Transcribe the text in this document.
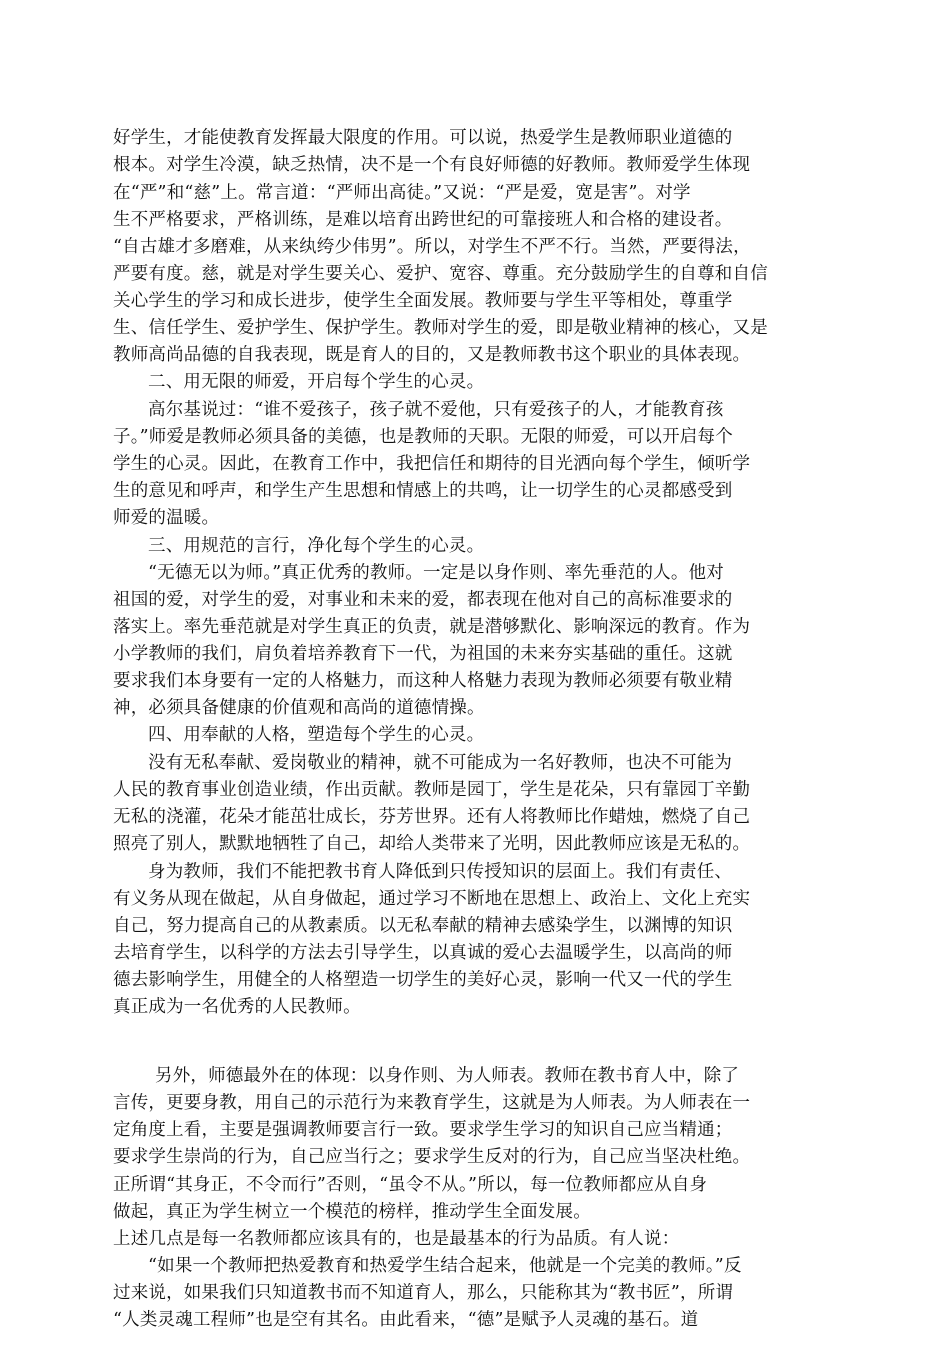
好学生，才能使教育发挥最大限度的作用。可以说，热爱学生是教师职业道德的
根本。对学生冷漠，缺乏热情，决不是一个有良好师德的好教师。教师爱学生体现
在“严”和“慈”上。常言道：“严师出高徒。”又说：“严是爱，宽是害”。对学
生不严格要求，严格训练，是难以培育出跨世纪的可靠接班人和合格的建设者。
“自古雄才多磨难，从来纨绔少伟男”。所以，对学生不严不行。当然，严要得法，
严要有度。慈，就是对学生要关心、爱护、宽容、尊重。充分鼓励学生的自尊和自信
关心学生的学习和成长进步，使学生全面发展。教师要与学生平等相处，尊重学
生、信任学生、爱护学生、保护学生。教师对学生的爱，即是敬业精神的核心，又是
教师高尚品德的自我表现，既是育人的目的，又是教师教书这个职业的具体表现。
二、用无限的师爱，开启每个学生的心灵。
高尔基说过：“谁不爱孩子，孩子就不爱他，只有爱孩子的人，才能教育孩
子。”师爱是教师必须具备的美德，也是教师的天职。无限的师爱，可以开启每个
学生的心灵。因此，在教育工作中，我把信任和期待的目光洒向每个学生，倾听学
生的意见和呼声，和学生产生思想和情感上的共鸣，让一切学生的心灵都感受到
师爱的温暖。
三、用规范的言行，净化每个学生的心灵。
“无德无以为师。”真正优秀的教师。一定是以身作则、率先垂范的人。他对
祖国的爱，对学生的爱，对事业和未来的爱，都表现在他对自己的高标准要求的
落实上。率先垂范就是对学生真正的负责，就是潜够默化、影响深远的教育。作为
小学教师的我们，肩负着培养教育下一代，为祖国的未来夯实基础的重任。这就
要求我们本身要有一定的人格魅力，而这种人格魅力表现为教师必须要有敬业精
神，必须具备健康的价值观和高尚的道德情操。
四、用奉献的人格，塑造每个学生的心灵。
没有无私奉献、爱岗敬业的精神，就不可能成为一名好教师，也决不可能为
人民的教育事业创造业绩，作出贡献。教师是园丁，学生是花朵，只有靠园丁辛勤
无私的浇灌，花朵才能茁壮成长，芬芳世界。还有人将教师比作蜡烛，燃烧了自己
照亮了别人，默默地牺牲了自己，却给人类带来了光明，因此教师应该是无私的。
身为教师，我们不能把教书育人降低到只传授知识的层面上。我们有责任、
有义务从现在做起，从自身做起，通过学习不断地在思想上、政治上、文化上充实
自己，努力提高自己的从教素质。以无私奉献的精神去感染学生，以渊博的知识
去培育学生，以科学的方法去引导学生，以真诚的爱心去温暖学生，以高尚的师
德去影响学生，用健全的人格塑造一切学生的美好心灵，影响一代又一代的学生
真正成为一名优秀的人民教师。
另外，师德最外在的体现：以身作则、为人师表。教师在教书育人中，除了
言传，更要身教，用自己的示范行为来教育学生，这就是为人师表。为人师表在一
定角度上看，主要是强调教师要言行一致。要求学生学习的知识自己应当精通；
要求学生崇尚的行为，自己应当行之；要求学生反对的行为，自己应当坚决杜绝。
正所谓“其身正，不令而行”否则，“虽令不从。”所以，每一位教师都应从自身
做起，真正为学生树立一个模范的榜样，推动学生全面发展。
上述几点是每一名教师都应该具有的，也是最基本的行为品质。有人说：
“如果一个教师把热爱教育和热爱学生结合起来，他就是一个完美的教师。”反
过来说，如果我们只知道教书而不知道育人，那么，只能称其为“教书匠”，所谓
“人类灵魂工程师”也是空有其名。由此看来，“德”是赋予人灵魂的基石。道
